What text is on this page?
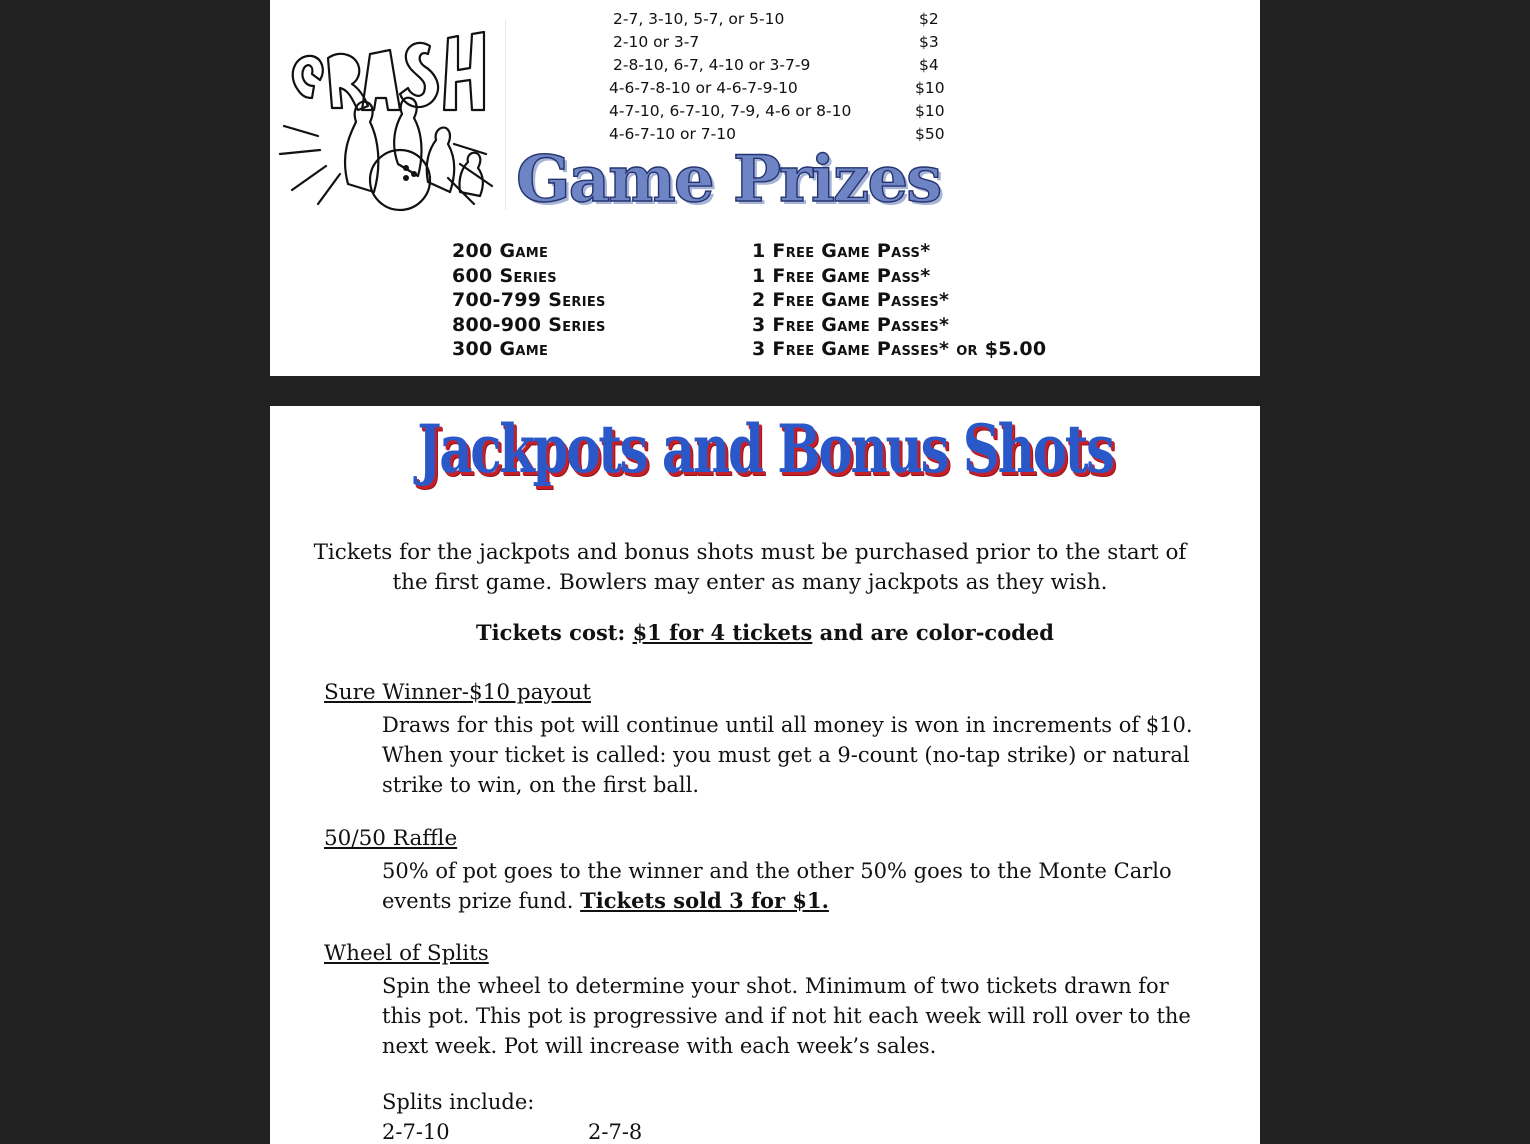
2-7, 3-10, 5-7, or 5-10	$2
2-10 or 3-7	$3
2-8-10, 6-7, 4-10 or 3-7-9	$4
4-6-7-8-10 or 4-6-7-9-10	$10
4-7-10, 6-7-10, 7-9, 4-6 or 8-10	$10
4-6-7-10 or 7-10	$50
Game Prizes
200 Game	1 Free Game Pass*
600 Series	1 Free Game Pass*
700-799 Series	2 Free Game Passes*
800-900 Series	3 Free Game Passes*
300 Game	3 Free Game Passes* or $5.00
Jackpots and Bonus Shots
Tickets for the jackpots and bonus shots must be purchased prior to the start of the first game. Bowlers may enter as many jackpots as they wish.
Tickets cost: $1 for 4 tickets and are color-coded
Sure Winner-$10 payout
Draws for this pot will continue until all money is won in increments of $10. When your ticket is called: you must get a 9-count (no-tap strike) or natural strike to win, on the first ball.
50/50 Raffle
50% of pot goes to the winner and the other 50% goes to the Monte Carlo events prize fund. Tickets sold 3 for $1.
Wheel of Splits
Spin the wheel to determine your shot. Minimum of two tickets drawn for this pot. This pot is progressive and if not hit each week will roll over to the next week. Pot will increase with each week’s sales.
Splits include:
2-7-10	2-7-8
